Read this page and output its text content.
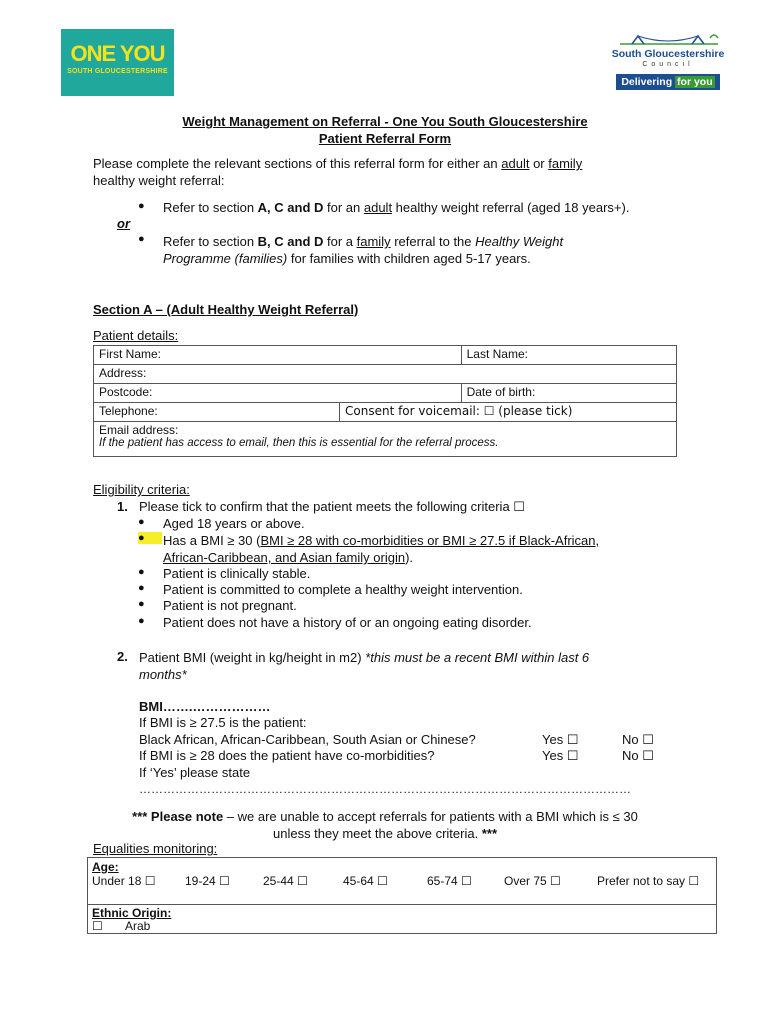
ONE YOU
SOUTH GLOUCESTERSHIRE
South Gloucestershire
Council
Delivering for you
Weight Management on Referral - One You South Gloucestershire
Patient Referral Form
Please complete the relevant sections of this referral form for either an adult or family
healthy weight referral:
● Refer to section A, C and D for an adult healthy weight referral (aged 18 years+).
or
● Refer to section B, C and D for a family referral to the Healthy Weight
Programme (families) for families with children aged 5-17 years.
Section A – (Adult Healthy Weight Referral)
Patient details:
First Name:		Last Name:
Address:		
Postcode:		Date of birth:
Telephone:	Consent for voicemail: ☐ (please tick)	

Email address:
If the patient has access to email, then this is essential for the referral process.		
Eligibility criteria:
1. Please tick to confirm that the patient meets the following criteria ☐
● Aged 18 years or above.
●	Has a BMI ≥ 30 (BMI ≥ 28 with co-morbidities or BMI ≥ 27.5 if Black-African,
African-Caribbean, and Asian family origin).
● Patient is clinically stable.
● Patient is committed to complete a healthy weight intervention.
● Patient is not pregnant.
● Patient does not have a history of or an ongoing eating disorder.
2. Patient BMI (weight in kg/height in m2) *this must be a recent BMI within last 6
months*
BMI…….………………
If BMI is ≥ 27.5 is the patient:
Black African, African-Caribbean, South Asian or Chinese?	Yes ☐	No ☐
If BMI is ≥ 28 does the patient have co-morbidities?	Yes ☐	No ☐
If ‘Yes’ please state
……………………………………………………………………………………………………………
*** Please note – we are unable to accept referrals for patients with a BMI which is ≤ 30
unless they meet the above criteria. ***
Equalities monitoring:
Age:
Under 18 ☐ 19-24 ☐	25-44 ☐	45-64 ☐	65-74 ☐	Over 75 ☐	Prefer not to say ☐
Ethnic Origin:
☐ Arab
